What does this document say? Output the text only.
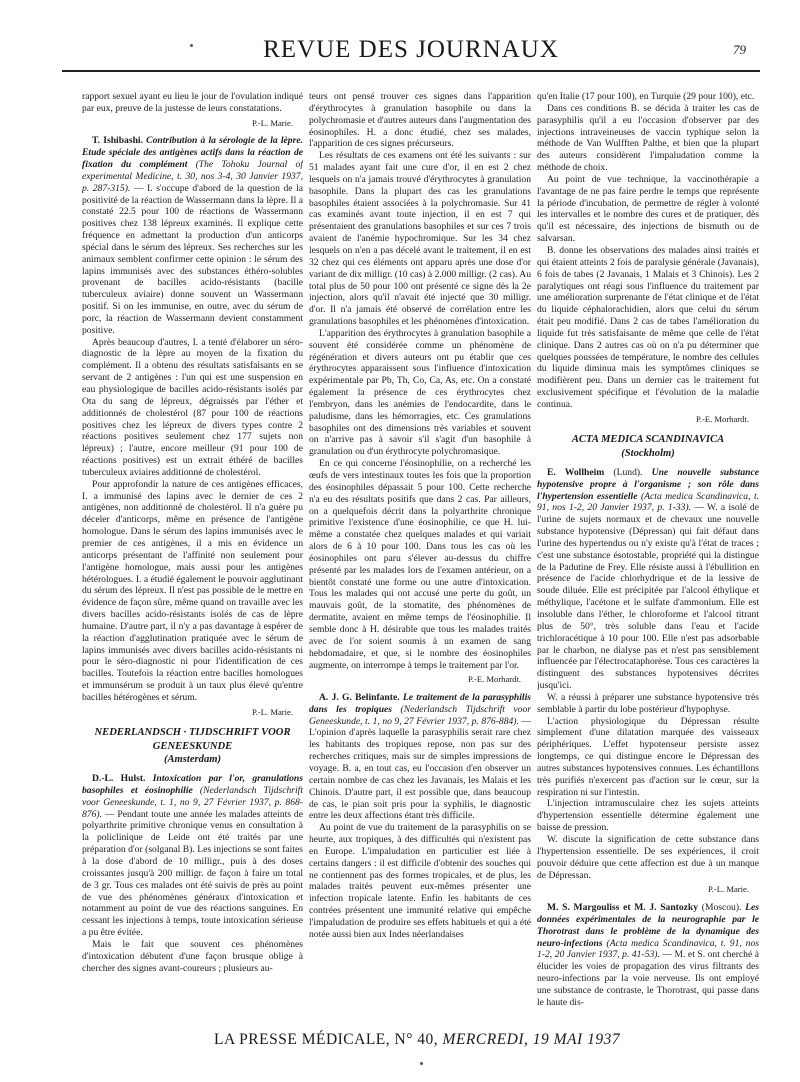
REVUE DES JOURNAUX	79

rapport sexuel ayant eu lieu le jour de l'ovulation indiqué par eux, preuve de la justesse de leurs constatations.

P.-L. Marie.

T. Ishibashi. Contribution à la sérologie de la lèpre. Etude spéciale des antigènes actifs dans la réaction de fixation du complément (The Tohoku Journal of experimental Medicine, t. 30, nos 3-4, 30 Janvier 1937, p. 287-315). — I. s'occupe d'abord de la question de la positivité de la réaction de Wassermann dans la lèpre. Il a constaté 22.5 pour 100 de réactions de Wassermann positives chez 138 lépreux examinés. Il explique cette fréquence en admettant la production d'un anticorps spécial dans le sérum des lépreux. Ses recherches sur les animaux semblent confirmer cette opinion : le sérum des lapins immunisés avec des substances éthéro-solubles provenant de bacilles acido-résistants (bacille tuberculeux aviaire) donne souvent un Wassermann positif. Si on les immunise, en outre, avec du sérum de porc, la réaction de Wassermann devient constamment positive.

Après beaucoup d'autres, I. a tenté d'élaborer un séro-diagnostic de la lèpre au moyen de la fixation du complément. Il a obtenu des résultats satisfaisants en se servant de 2 antigènes : l'un qui est une suspension en eau physiologique de bacilles acido-résistants isolés par Ota du sang de lépreux, dégraissés par l'éther et additionnés de cholestérol (87 pour 100 de réactions positives chez les lépreux de divers types contre 2 réactions positives seulement chez 177 sujets non lépreux) ; l'autre, encore meilleur (91 pour 100 de réactions positives) est un extrait éthéré de bacilles tuberculeux aviaires additionné de cholestérol.

Pour approfondir la nature de ces antigènes efficaces, I. a immunisé des lapins avec le dernier de ces 2 antigènes, non additionné de cholestérol. Il n'a guère pu déceler d'anticorps, même en présence de l'antigène homologue. Dans le sérum des lapins immunisés avec le premier de ces antigènes, il a mis en évidence un anticorps présentant de l'affinité non seulement pour l'antigène homologue, mais aussi pour les antigènes hétérologues. I. a étudié également le pouvoir agglutinant du sérum des lépreux. Il n'est pas possible de le mettre en évidence de façon sûre, même quand on travaille avec les divers bacilles acido-résistants isolés de cas de lèpre humaine. D'autre part, il n'y a pas davantage à espérer de la réaction d'agglutination pratiquée avec le sérum de lapins immunisés avec divers bacilles acido-résistants ni pour le séro-diagnostic ni pour l'identification de ces bacilles. Toutefois la réaction entre bacilles homologues et immunsérum se produit à un taux plus élevé qu'entre bacilles hétérogènes et sérum.

P.-L. Marie.
NEDERLANDSCH · TIJDSCHRIFT VOOR GENEESKUNDE
(Amsterdam)

D.-L. Hulst. Intoxication par l'or, granulations basophiles et éosinophilie (Nederlandsch Tijdschrift voor Geneeskunde, t. 1, no 9, 27 Février 1937, p. 868-876). — Pendant toute une année les malades atteints de polyarthrite primitive chronique venus en consultation à la policlinique de Leide ont été traités par une préparation d'or (solganal B). Les injections se sont faites à la dose d'abord de 10 milligr., puis à des doses croissantes jusqu'à 200 milligr. de façon à faire un total de 3 gr. Tous ces malades ont été suivis de près au point de vue des phénomènes généraux d'intoxication et notamment au point de vue des réactions sanguines. En cessant les injections à temps, toute intoxication sérieuse a pu être évitée.

Mais le fait que souvent ces phénomènes d'intoxication débutent d'une façon brusque oblige à chercher des signes avant-coureurs ; plusieurs au-

teurs ont pensé trouver ces signes dans l'apparition d'érythrocytes à granulation basophile ou dans la polychromasie et d'autres auteurs dans l'augmentation des éosinophiles. H. a donc étudié, chez ses malades, l'apparition de ces signes précurseurs.

Les résultats de ces examens ont été les suivants : sur 51 malades ayant fait une cure d'or, il en est 2 chez lesquels on n'a jamais trouvé d'érythrocytes à granulation basophile. Dans la plupart des cas les granulations basophiles étaient associées à la polychromasie. Sur 41 cas examinés avant toute injection, il en est 7 qui présentaient des granulations basophiles et sur ces 7 trois avaient de l'anémie hypochromique. Sur les 34 chez lesquels on n'en a pas décelé avant le traitement, il en est 32 chez qui ces éléments ont apparu après une dose d'or variant de dix milligr. (10 cas) à 2.000 milligr. (2 cas). Au total plus de 50 pour 100 ont présenté ce signe dès la 2e injection, alors qu'il n'avait été injecté que 30 milligr. d'or. Il n'a jamais été observé de corrélation entre les granulations basophiles et les phénomènes d'intoxication.

L'apparition des érythrocytes à granulation basophile a souvent été considérée comme un phénomène de régénération et divers auteurs ont pu établir que ces érythrocytes apparaissent sous l'influence d'intoxication expérimentale par Pb, Th, Co, Ca, As, etc. On a constaté également la présence de ces érythrocytes chez l'embryon, dans les anémies de l'endocardite, dans le paludisme, dans les hémorragies, etc. Ces granulations basophiles ont des dimensions très variables et souvent on n'arrive pas à savoir s'il s'agit d'un basophile à granulation ou d'un érythrocyte polychromasique.

En ce qui concerne l'éosinophilie, on a recherché les œufs de vers intestinaux toutes les fois que la proportion des éosinophiles dépassait 5 pour 100. Cette recherche n'a eu des résultats positifs que dans 2 cas. Par ailleurs, on a quelquefois décrit dans la polyarthrite chronique primitive l'existence d'une éosinophilie, ce que H. lui-même a constatée chez quelques malades et qui variait alors de 6 à 10 pour 100. Dans tous les cas où les éosinophiles ont paru s'élever au-dessus du chiffre présenté par les malades lors de l'examen antérieur, on a bientôt constaté une forme ou une autre d'intoxication. Tous les malades qui ont accusé une perte du goût, un mauvais goût, de la stomatite, des phénomènes de dermatite, avaient en même temps de l'éosinophilie. Il semble donc à H. désirable que tous les malades traités avec de l'or soient soumis à un examen de sang hebdomadaire, et que, si le nombre des éosinophiles augmente, on interrompe à temps le traitement par l'or.

P.-E. Morhardt.

A. J. G. Belinfante. Le traitement de la parasyphilis dans les tropiques (Nederlandsch Tijdschrift voor Geneeskunde, t. 1, no 9, 27 Février 1937, p. 876-884). — L'opinion d'après laquelle la parasyphilis serait rare chez les habitants des tropiques repose, non pas sur des recherches critiques, mais sur de simples impressions de voyage. B. a, en tout cas, eu l'occasion d'en observer un certain nombre de cas chez les Javanais, les Malais et les Chinois. D'autre part, il est possible que, dans beaucoup de cas, le pian soit pris pour la syphilis, le diagnostic entre les deux affections étant très difficile.

Au point de vue du traitement de la parasyphilis on se heurte, aux tropiques, à des difficultés qui n'existent pas en Europe. L'impaludation en particulier est liée à certains dangers : il est difficile d'obtenir des souches qui ne contiennent pas des formes tropicales, et de plus, les malades traités peuvent eux-mêmes présenter une infection tropicale latente. Enfin les habitants de ces contrées présentent une immunité relative qui empêche l'impaludation de produire ses effets habituels et qui a été notée aussi bien aux Indes néerlandaises

qu'en Italie (17 pour 100), en Turquie (29 pour 100), etc.

Dans ces conditions B. se décida à traiter les cas de parasyphilis qu'il a eu l'occasion d'observer par des injections intraveineuses de vaccin typhique selon la méthode de Van Wulfften Palthe, et bien que la plupart des auteurs considèrent l'impaludation comme la méthode de choix.

Au point de vue technique, la vaccinothérapie a l'avantage de ne pas faire perdre le temps que représente la période d'incubation, de permettre de régler à volonté les intervalles et le nombre des cures et de pratiquer, dès qu'il est nécessaire, des injections de bismuth ou de salvarsan.

B. donne les observations des malades ainsi traités et qui étaient atteints 2 fois de paralysie générale (Javanais), 6 fois de tabes (2 Javanais, 1 Malais et 3 Chinois). Les 2 paralytiques ont réagi sous l'influence du traitement par une amélioration surprenante de l'état clinique et de l'état du liquide céphalorachidien, alors que celui du sérum était peu modifié. Dans 2 cas de tabes l'amélioration du liquide fut très satisfaisante de même que celle de l'état clinique. Dans 2 autres cas où on n'a pu déterminer que quelques poussées de température, le nombre des cellules du liquide diminua mais les symptômes cliniques se modifièrent peu. Dans un dernier cas le traitement fut exclusivement spécifique et l'évolution de la maladie continua.

P.-E. Morhardt.
ACTA MEDICA SCANDINAVICA
(Stockholm)

E. Wollheim (Lund). Une nouvelle substance hypotensive propre à l'organisme ; son rôle dans l'hypertension essentielle (Acta medica Scandinavica, t. 91, nos 1-2, 20 Janvier 1937, p. 1-33). — W. a isolé de l'urine de sujets normaux et de chevaux une nouvelle substance hypotensive (Dépressan) qui fait défaut dans l'urine des hypertendus ou n'y existe qu'à l'état de traces ; c'est une substance ésotostable, propriété qui la distingue de la Padutine de Frey. Elle résiste aussi à l'ébullition en présence de l'acide chlorhydrique et de la lessive de soude diluée. Elle est précipitée par l'alcool éthylique et méthylique, l'acétone et le sulfate d'ammonium. Elle est insoluble dans l'éther, le chloroforme et l'alcool titrant plus de 50°, très soluble dans l'eau et l'acide trichloracétique à 10 pour 100. Elle n'est pas adsorbable par le charbon, ne dialyse pas et n'est pas sensiblement influencée par l'électrocataphorèse. Tous ces caractères la distinguent des substances hypotensives décrites jusqu'ici.

W. a réussi à préparer une substance hypotensive très semblable à partir du lobe postérieur d'hypophyse.

L'action physiologique du Dépressan résulte simplement d'une dilatation marquée des vaisseaux périphériques. L'effet hypotenseur persiste assez longtemps, ce qui distingue encore le Dépressan des autres substances hypotensives connues. Les échantillons très purifiés n'exercent pas d'action sur le cœur, sur la respiration ni sur l'intestin.

L'injection intramusculaire chez les sujets atteints d'hypertension essentielle détermine également une baisse de pression.

W. discute la signification de cette substance dans l'hypertension essentielle. De ses expériences, il croit pouvoir déduire que cette affection est due à un manque de Dépressan.

P.-L. Marie.

M. S. Margouliss et M. J. Santozky (Moscou). Les données expérimentales de la neurographie par le Thorotrast dans le problème de la dynamique des neuro-infections (Acta medica Scandinavica, t. 91, nos 1-2, 20 Janvier 1937, p. 41-53). — M. et S. ont cherché à élucider les voies de propagation des virus filtrants des neuro-infections par la voie nerveuse. Ils ont employé une substance de contraste, le Thorotrast, qui passe dans le haute dis-

LA PRESSE MÉDICALE, N° 40, MERCREDI, 19 MAI 1937
